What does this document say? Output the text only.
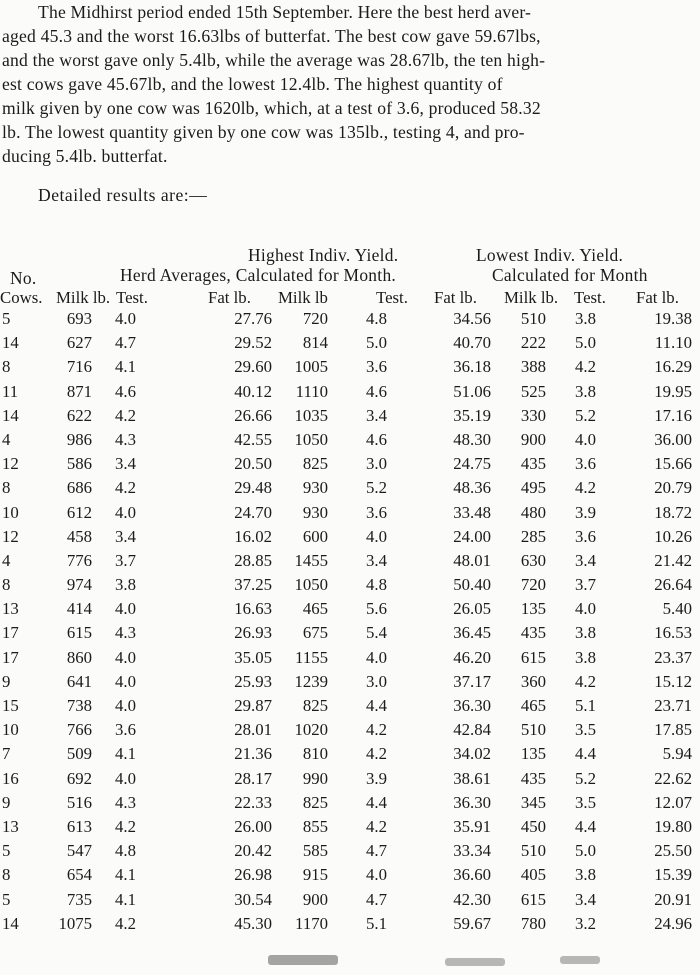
The Midhirst period ended 15th September. Here the best herd aver-

aged 45.3 and the worst 16.63lbs of butterfat. The best cow gave 59.67lbs,

and the worst gave only 5.4lb, while the average was 28.67lb, the ten high-

est cows gave 45.67lb, and the lowest 12.4lb. The highest quantity of

milk given by one cow was 1620lb, which, at a test of 3.6, produced 58.32

lb. The lowest quantity given by one cow was 135lb., testing 4, and pro-

ducing 5.4lb. butterfat.

Detailed results are:—
Highest Indiv. Yield.	Lowest Indiv. Yield.
No.	Herd Averages, Calculated for Month.	Calculated for Month
Cows. Milk lb. Test.	Fat lb.	Milk lb	Test.	Fat lb.	Milk lb. Test.	Fat lb.
5	693	4.0	27.76	720	4.8	34.56	510	3.8	19.38
14	627	4.7	29.52	814	5.0	40.70	222	5.0	11.10
8	716	4.1	29.60	1005	3.6	36.18	388	4.2	16.29
11	871	4.6	40.12	1110	4.6	51.06	525	3.8	19.95
14	622	4.2	26.66	1035	3.4	35.19	330	5.2	17.16
4	986	4.3	42.55	1050	4.6	48.30	900	4.0	36.00
12	586	3.4	20.50	825	3.0	24.75	435	3.6	15.66
8	686	4.2	29.48	930	5.2	48.36	495	4.2	20.79
10	612	4.0	24.70	930	3.6	33.48	480	3.9	18.72
12	458	3.4	16.02	600	4.0	24.00	285	3.6	10.26
4	776	3.7	28.85	1455	3.4	48.01	630	3.4	21.42
8	974	3.8	37.25	1050	4.8	50.40	720	3.7	26.64
13	414	4.0	16.63	465	5.6	26.05	135	4.0	5.40
17	615	4.3	26.93	675	5.4	36.45	435	3.8	16.53
17	860	4.0	35.05	1155	4.0	46.20	615	3.8	23.37
9	641	4.0	25.93	1239	3.0	37.17	360	4.2	15.12
15	738	4.0	29.87	825	4.4	36.30	465	5.1	23.71
10	766	3.6	28.01	1020	4.2	42.84	510	3.5	17.85
7	509	4.1	21.36	810	4.2	34.02	135	4.4	5.94
16	692	4.0	28.17	990	3.9	38.61	435	5.2	22.62
9	516	4.3	22.33	825	4.4	36.30	345	3.5	12.07
13	613	4.2	26.00	855	4.2	35.91	450	4.4	19.80
5	547	4.8	20.42	585	4.7	33.34	510	5.0	25.50
8	654	4.1	26.98	915	4.0	36.60	405	3.8	15.39
5	735	4.1	30.54	900	4.7	42.30	615	3.4	20.91
14	1075	4.2	45.30	1170	5.1	59.67	780	3.2	24.96
